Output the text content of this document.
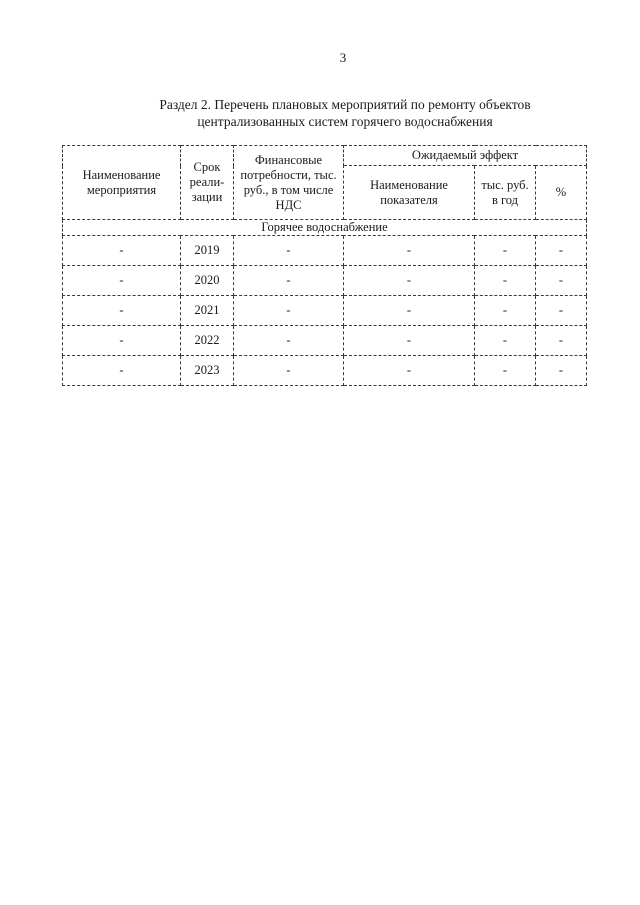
3
Раздел 2. Перечень плановых мероприятий по ремонту объектов
централизованных систем горячего водоснабжения
Наименование мероприятия	Срок реали-зации	Финансовые потребности, тыс. руб., в том числе НДС	Ожидаемый эффект		
			Наименование показателя	тыс. руб. в год	%
Горячее водоснабжение					
-	2019	-	-	-	-
-	2020	-	-	-	-
-	2021	-	-	-	-
-	2022	-	-	-	-
-	2023	-	-	-	-
